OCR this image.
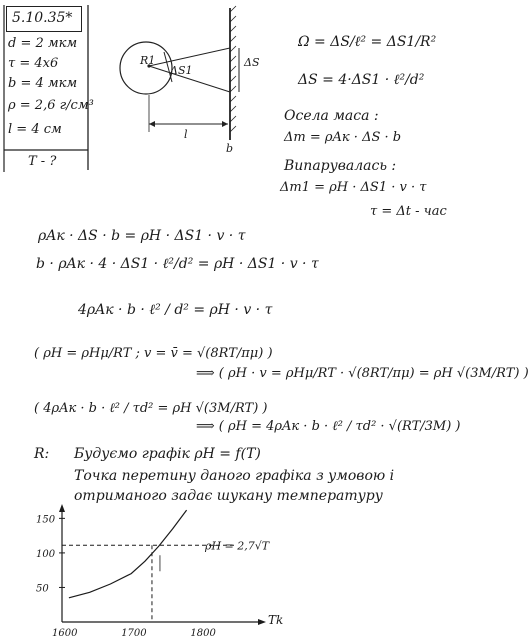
1600	1700	1800
150
100
50
Tk
ρH = 2,7√T
5.10.35*
d = 2 мкм
τ = 4x6
b = 4 мкм
ρ = 2,6 г/см³
l = 4 см
T - ?
R1
ΔS1
ΔS
l
b
Ω = ΔS/ℓ² = ΔS1/R²
ΔS = 4·ΔS1 · ℓ²/d²
Осела маса :
Δm = ρAк · ΔS · b
Випарувалась :
Δm1 = ρH · ΔS1 · v · τ
τ = Δt - час
ρAк · ΔS · b = ρH · ΔS1 · v · τ
b · ρAк · 4 · ΔS1 · ℓ²/d² = ρH · ΔS1 · v · τ
4ρAк · b · ℓ² / d² = ρH · v · τ
( ρH = ρHμ/RT ; v = v̄ = √(8RT/πμ) )
⟹ ( ρH · v = ρHμ/RT · √(8RT/πμ) = ρH √(3M/RT) )
( 4ρAк · b · ℓ² / τd² = ρH √(3M/RT) )
⟹ ( ρH = 4ρAк · b · ℓ² / τd² · √(RT/3M) )
R: Будуємо графік ρH = f(T)
Точка перетину даного графіка з умовою і
отриманого задає шукану температуру
